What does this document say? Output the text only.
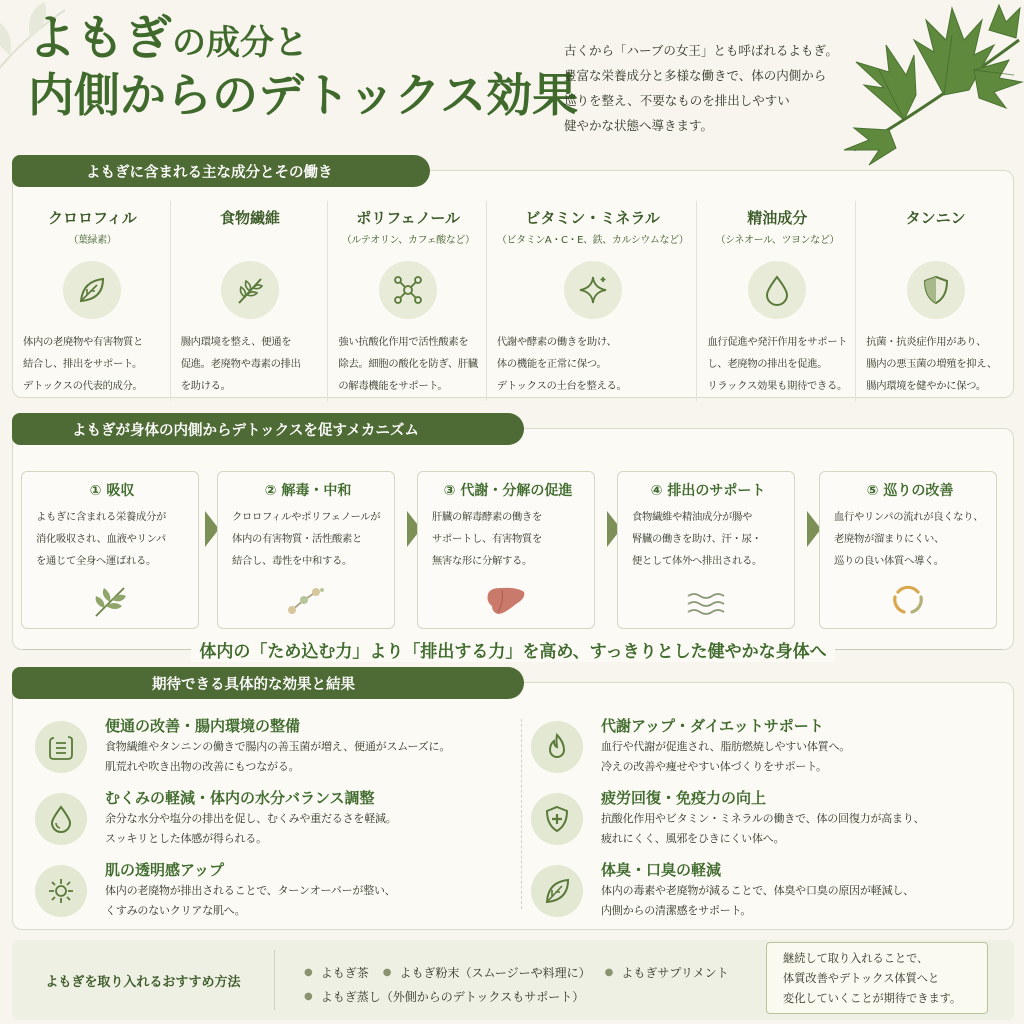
よもぎの成分と
内側からのデトックス効果
古くから「ハーブの女王」とも呼ばれるよもぎ。
豊富な栄養成分と多様な働きで、体の内側から
巡りを整え、不要なものを排出しやすい
健やかな状態へ導きます。
よもぎに含まれる主な成分とその働き
クロロフィル
（葉緑素）
体内の老廃物や有害物質と
結合し、排出をサポート。
デトックスの代表的成分。
食物繊維
腸内環境を整え、便通を
促進。老廃物や毒素の排出
を助ける。
ポリフェノール
（ルテオリン、カフェ酸など）
強い抗酸化作用で活性酸素を
除去。細胞の酸化を防ぎ、肝臓
の解毒機能をサポート。
ビタミン・ミネラル
（ビタミンA・C・E、鉄、カルシウムなど）
代謝や酵素の働きを助け、
体の機能を正常に保つ。
デトックスの土台を整える。
精油成分
（シネオール、ツヨンなど）
血行促進や発汗作用をサポート
し、老廃物の排出を促進。
リラックス効果も期待できる。
タンニン
抗菌・抗炎症作用があり、
腸内の悪玉菌の増殖を抑え、
腸内環境を健やかに保つ。
よもぎが身体の内側からデトックスを促すメカニズム
① 吸収
よもぎに含まれる栄養成分が
消化吸収され、血液やリンパ
を通じて全身へ運ばれる。
② 解毒・中和
クロロフィルやポリフェノールが
体内の有害物質・活性酸素と
結合し、毒性を中和する。
③ 代謝・分解の促進
肝臓の解毒酵素の働きを
サポートし、有害物質を
無害な形に分解する。
④ 排出のサポート
食物繊維や精油成分が腸や
腎臓の働きを助け、汗・尿・
便として体外へ排出される。
⑤ 巡りの改善
血行やリンパの流れが良くなり、
老廃物が溜まりにくい、
巡りの良い体質へ導く。
体内の「ため込む力」より「排出する力」を高め、すっきりとした健やかな身体へ
期待できる具体的な効果と結果
便通の改善・腸内環境の整備
食物繊維やタンニンの働きで腸内の善玉菌が増え、便通がスムーズに。
肌荒れや吹き出物の改善にもつながる。
むくみの軽減・体内の水分バランス調整
余分な水分や塩分の排出を促し、むくみや重だるさを軽減。
スッキリとした体感が得られる。
肌の透明感アップ
体内の老廃物が排出されることで、ターンオーバーが整い、
くすみのないクリアな肌へ。
代謝アップ・ダイエットサポート
血行や代謝が促進され、脂肪燃焼しやすい体質へ。
冷えの改善や痩せやすい体づくりをサポート。
疲労回復・免疫力の向上
抗酸化作用やビタミン・ミネラルの働きで、体の回復力が高まり、
疲れにくく、風邪をひきにくい体へ。
体臭・口臭の軽減
体内の毒素や老廃物が減ることで、体臭や口臭の原因が軽減し、
内側からの清潔感をサポート。
よもぎを取り入れるおすすめ方法
● よもぎ茶 ● よもぎ粉末（スムージーや料理に） ● よもぎサプリメント
● よもぎ蒸し（外側からのデトックスもサポート）
継続して取り入れることで、
体質改善やデトックス体質へと
変化していくことが期待できます。
